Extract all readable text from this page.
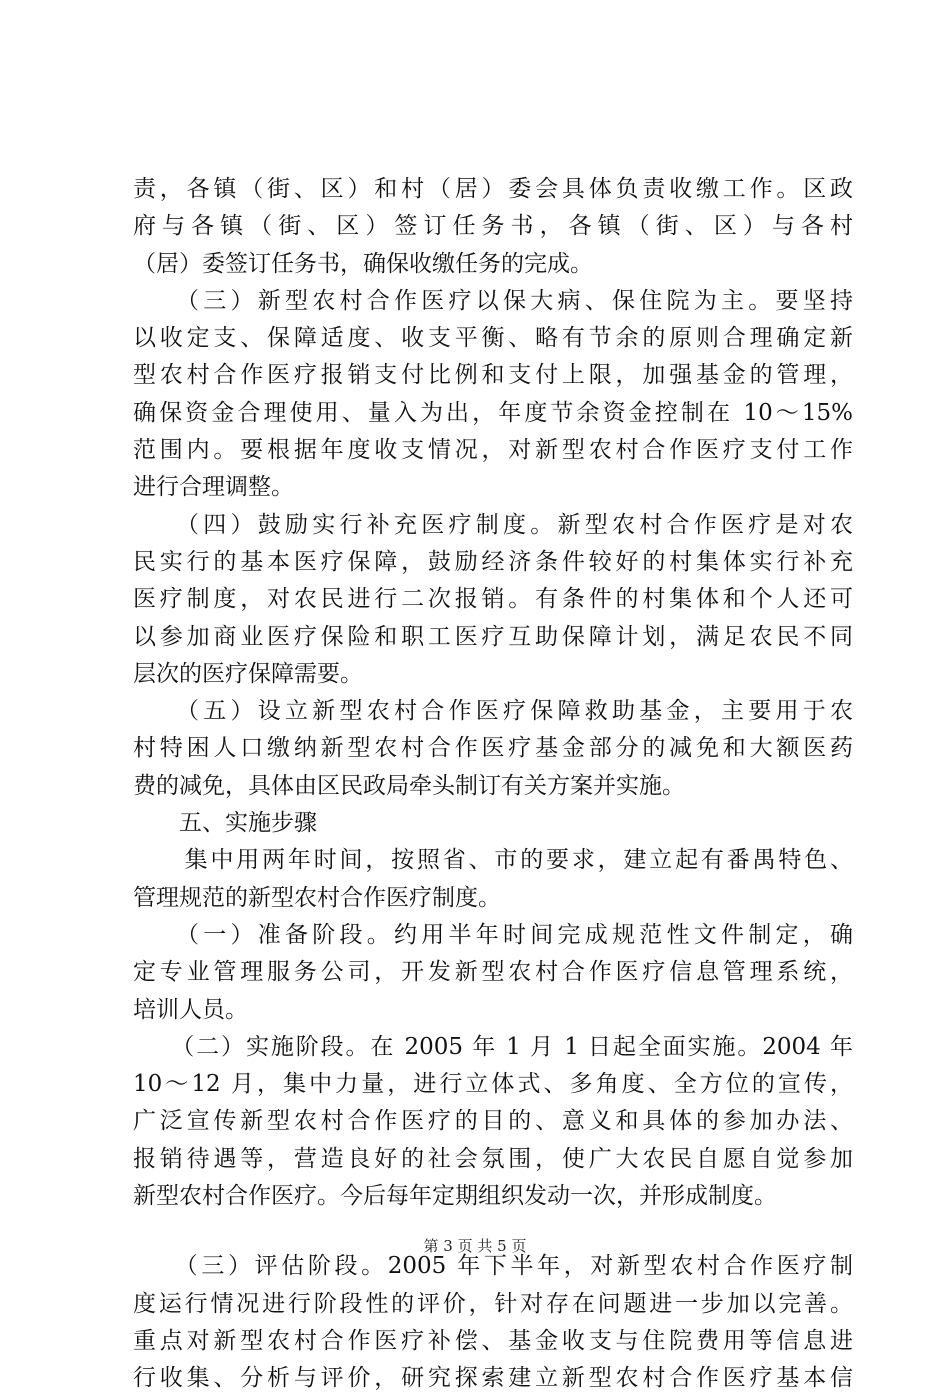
责，各镇（街、区）和村（居）委会具体负责收缴工作。区政
府与各镇（街、区）签订任务书，各镇（街、区）与各村
（居）委签订任务书，确保收缴任务的完成。
　　（三）新型农村合作医疗以保大病、保住院为主。要坚持
以收定支、保障适度、收支平衡、略有节余的原则合理确定新
型农村合作医疗报销支付比例和支付上限，加强基金的管理，
确保资金合理使用、量入为出，年度节余资金控制在 10～15%
范围内。要根据年度收支情况，对新型农村合作医疗支付工作
进行合理调整。
　　（四）鼓励实行补充医疗制度。新型农村合作医疗是对农
民实行的基本医疗保障，鼓励经济条件较好的村集体实行补充
医疗制度，对农民进行二次报销。有条件的村集体和个人还可
以参加商业医疗保险和职工医疗互助保障计划，满足农民不同
层次的医疗保障需要。
　　（五）设立新型农村合作医疗保障救助基金，主要用于农
村特困人口缴纳新型农村合作医疗基金部分的减免和大额医药
费的减免，具体由区民政局牵头制订有关方案并实施。
　　五、实施步骤
　　集中用两年时间，按照省、市的要求，建立起有番禺特色、
管理规范的新型农村合作医疗制度。
　　（一）准备阶段。约用半年时间完成规范性文件制定，确
定专业管理服务公司，开发新型农村合作医疗信息管理系统，
培训人员。
　　（二）实施阶段。在 2005 年 1 月 1 日起全面实施。2004 年
10～12 月，集中力量，进行立体式、多角度、全方位的宣传，
广泛宣传新型农村合作医疗的目的、意义和具体的参加办法、
报销待遇等，营造良好的社会氛围，使广大农民自愿自觉参加
新型农村合作医疗。今后每年定期组织发动一次，并形成制度。
　　（三）评估阶段。2005 年下半年，对新型农村合作医疗制
度运行情况进行阶段性的评价，针对存在问题进一步加以完善。
重点对新型农村合作医疗补偿、基金收支与住院费用等信息进
行收集、分析与评价，研究探索建立新型农村合作医疗基本信
第 3 页 共 5 页
